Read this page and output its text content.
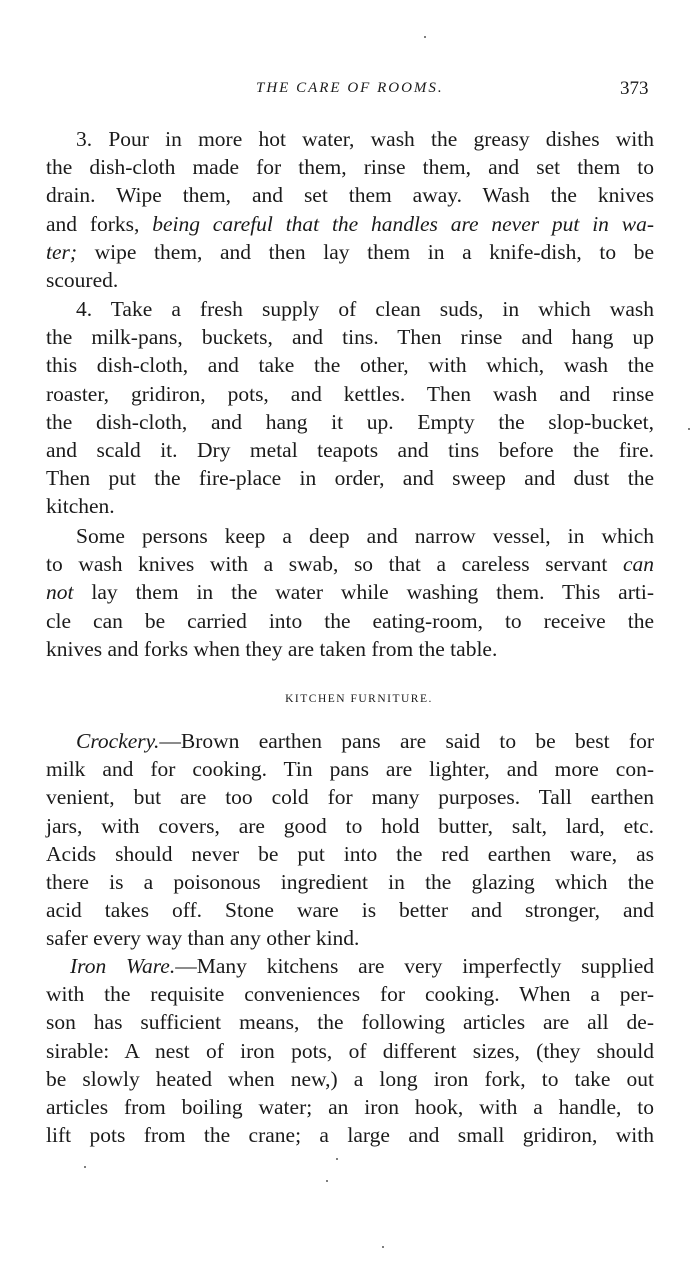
THE CARE OF ROOMS.	373
3. Pour in more hot water, wash the greasy dishes with
the dish-cloth made for them, rinse them, and set them to
drain. Wipe them, and set them away. Wash the knives
and forks, being careful that the handles are never put in wa-
ter; wipe them, and then lay them in a knife-dish, to be
scoured.
4. Take a fresh supply of clean suds, in which wash
the milk-pans, buckets, and tins. Then rinse and hang up
this dish-cloth, and take the other, with which, wash the
roaster, gridiron, pots, and kettles. Then wash and rinse
the dish-cloth, and hang it up. Empty the slop-bucket,
and scald it. Dry metal teapots and tins before the fire.
Then put the fire-place in order, and sweep and dust the
kitchen.
Some persons keep a deep and narrow vessel, in which
to wash knives with a swab, so that a careless servant can
not lay them in the water while washing them. This arti-
cle can be carried into the eating-room, to receive the
knives and forks when they are taken from the table.
KITCHEN FURNITURE.
Crockery.—Brown earthen pans are said to be best for
milk and for cooking. Tin pans are lighter, and more con-
venient, but are too cold for many purposes. Tall earthen
jars, with covers, are good to hold butter, salt, lard, etc.
Acids should never be put into the red earthen ware, as
there is a poisonous ingredient in the glazing which the
acid takes off. Stone ware is better and stronger, and
safer every way than any other kind.
Iron Ware.—Many kitchens are very imperfectly supplied
with the requisite conveniences for cooking. When a per-
son has sufficient means, the following articles are all de-
sirable: A nest of iron pots, of different sizes, (they should
be slowly heated when new,) a long iron fork, to take out
articles from boiling water; an iron hook, with a handle, to
lift pots from the crane; a large and small gridiron, with
